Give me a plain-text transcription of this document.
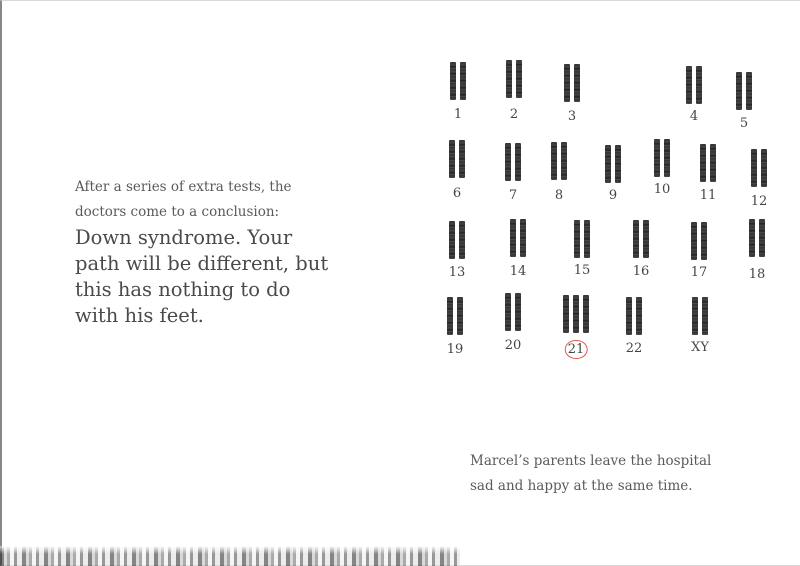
After a series of extra tests, the

doctors come to a conclusion:

Down syndrome. Your

path will be different, but

this has nothing to do

with his feet.

1	2	3	4	5
6	7	8	9	10 11	12
13	14	15	16	17	18
19	20	21	22	XY
Marcel’s parents leave the hospital
sad and happy at the same time.
